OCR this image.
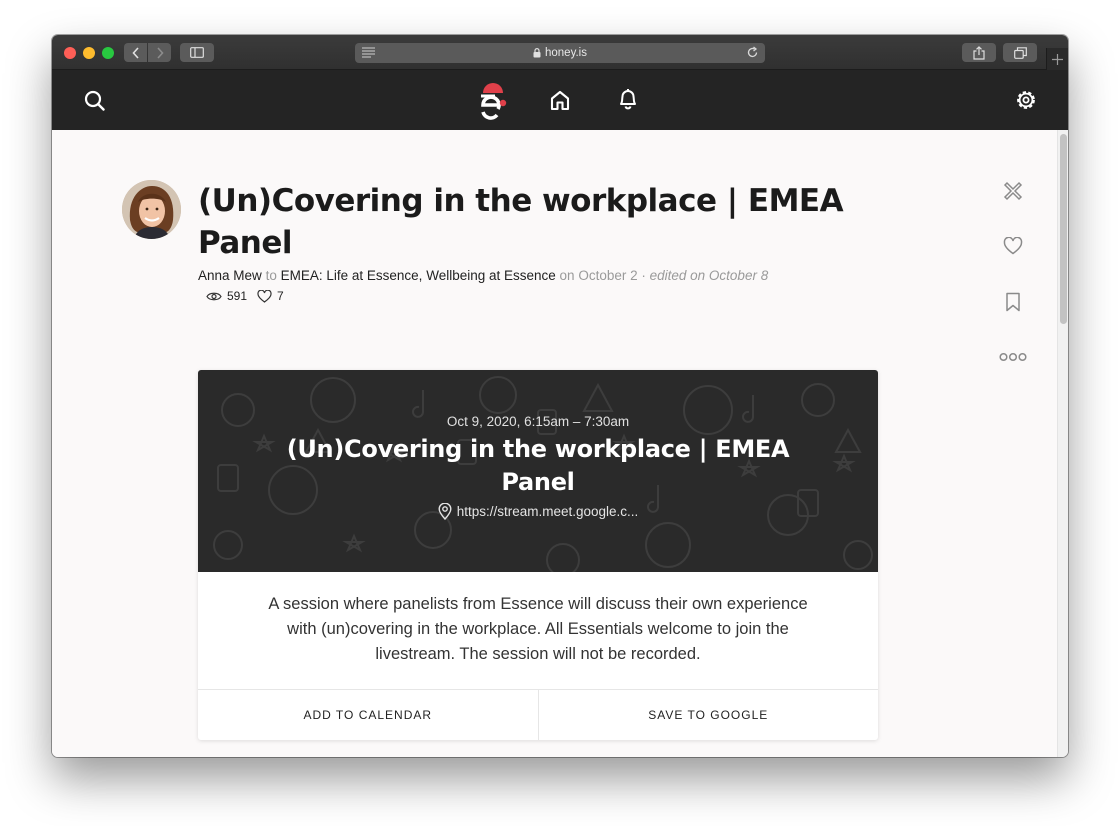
honey.is
(Un)Covering in the workplace | EMEA Panel
Anna Mew to EMEA: Life at Essence, Wellbeing at Essence on October 2 · edited on October 8
591	7
Oct 9, 2020, 6:15am – 7:30am
(Un)Covering in the workplace | EMEA Panel
https://stream.meet.google.c...

A session where panelists from Essence will discuss their own experience with (un)covering in the workplace. All Essentials welcome to join the livestream. The session will not be recorded.

ADD TO CALENDAR	SAVE TO GOOGLE
